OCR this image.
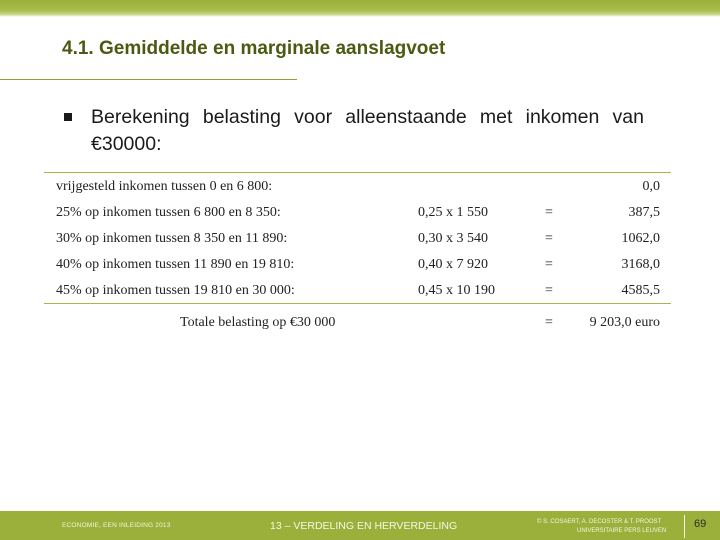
4.1. Gemiddelde en marginale aanslagvoet
Berekening belasting voor alleenstaande met inkomen van €30000:
vrijgesteld inkomen tussen 0 en 6 800:	0,0
25% op inkomen tussen 6 800 en 8 350:	0,25 x 1 550	=	387,5
30% op inkomen tussen 8 350 en 11 890:	0,30 x 3 540	=	1062,0
40% op inkomen tussen 11 890 en 19 810:	0,40 x 7 920	=	3168,0
45% op inkomen tussen 19 810 en 30 000:	0,45 x 10 190	=	4585,5
Totale belasting op €30 000	=	9 203,0 euro
ECONOMIE, EEN INLEIDING 2013	13 – VERDELING EN HERVERDELING	© S. COSAERT, A. DECOSTER & T. PROOST
UNIVERSITAIRE PERS LEUVEN
69
